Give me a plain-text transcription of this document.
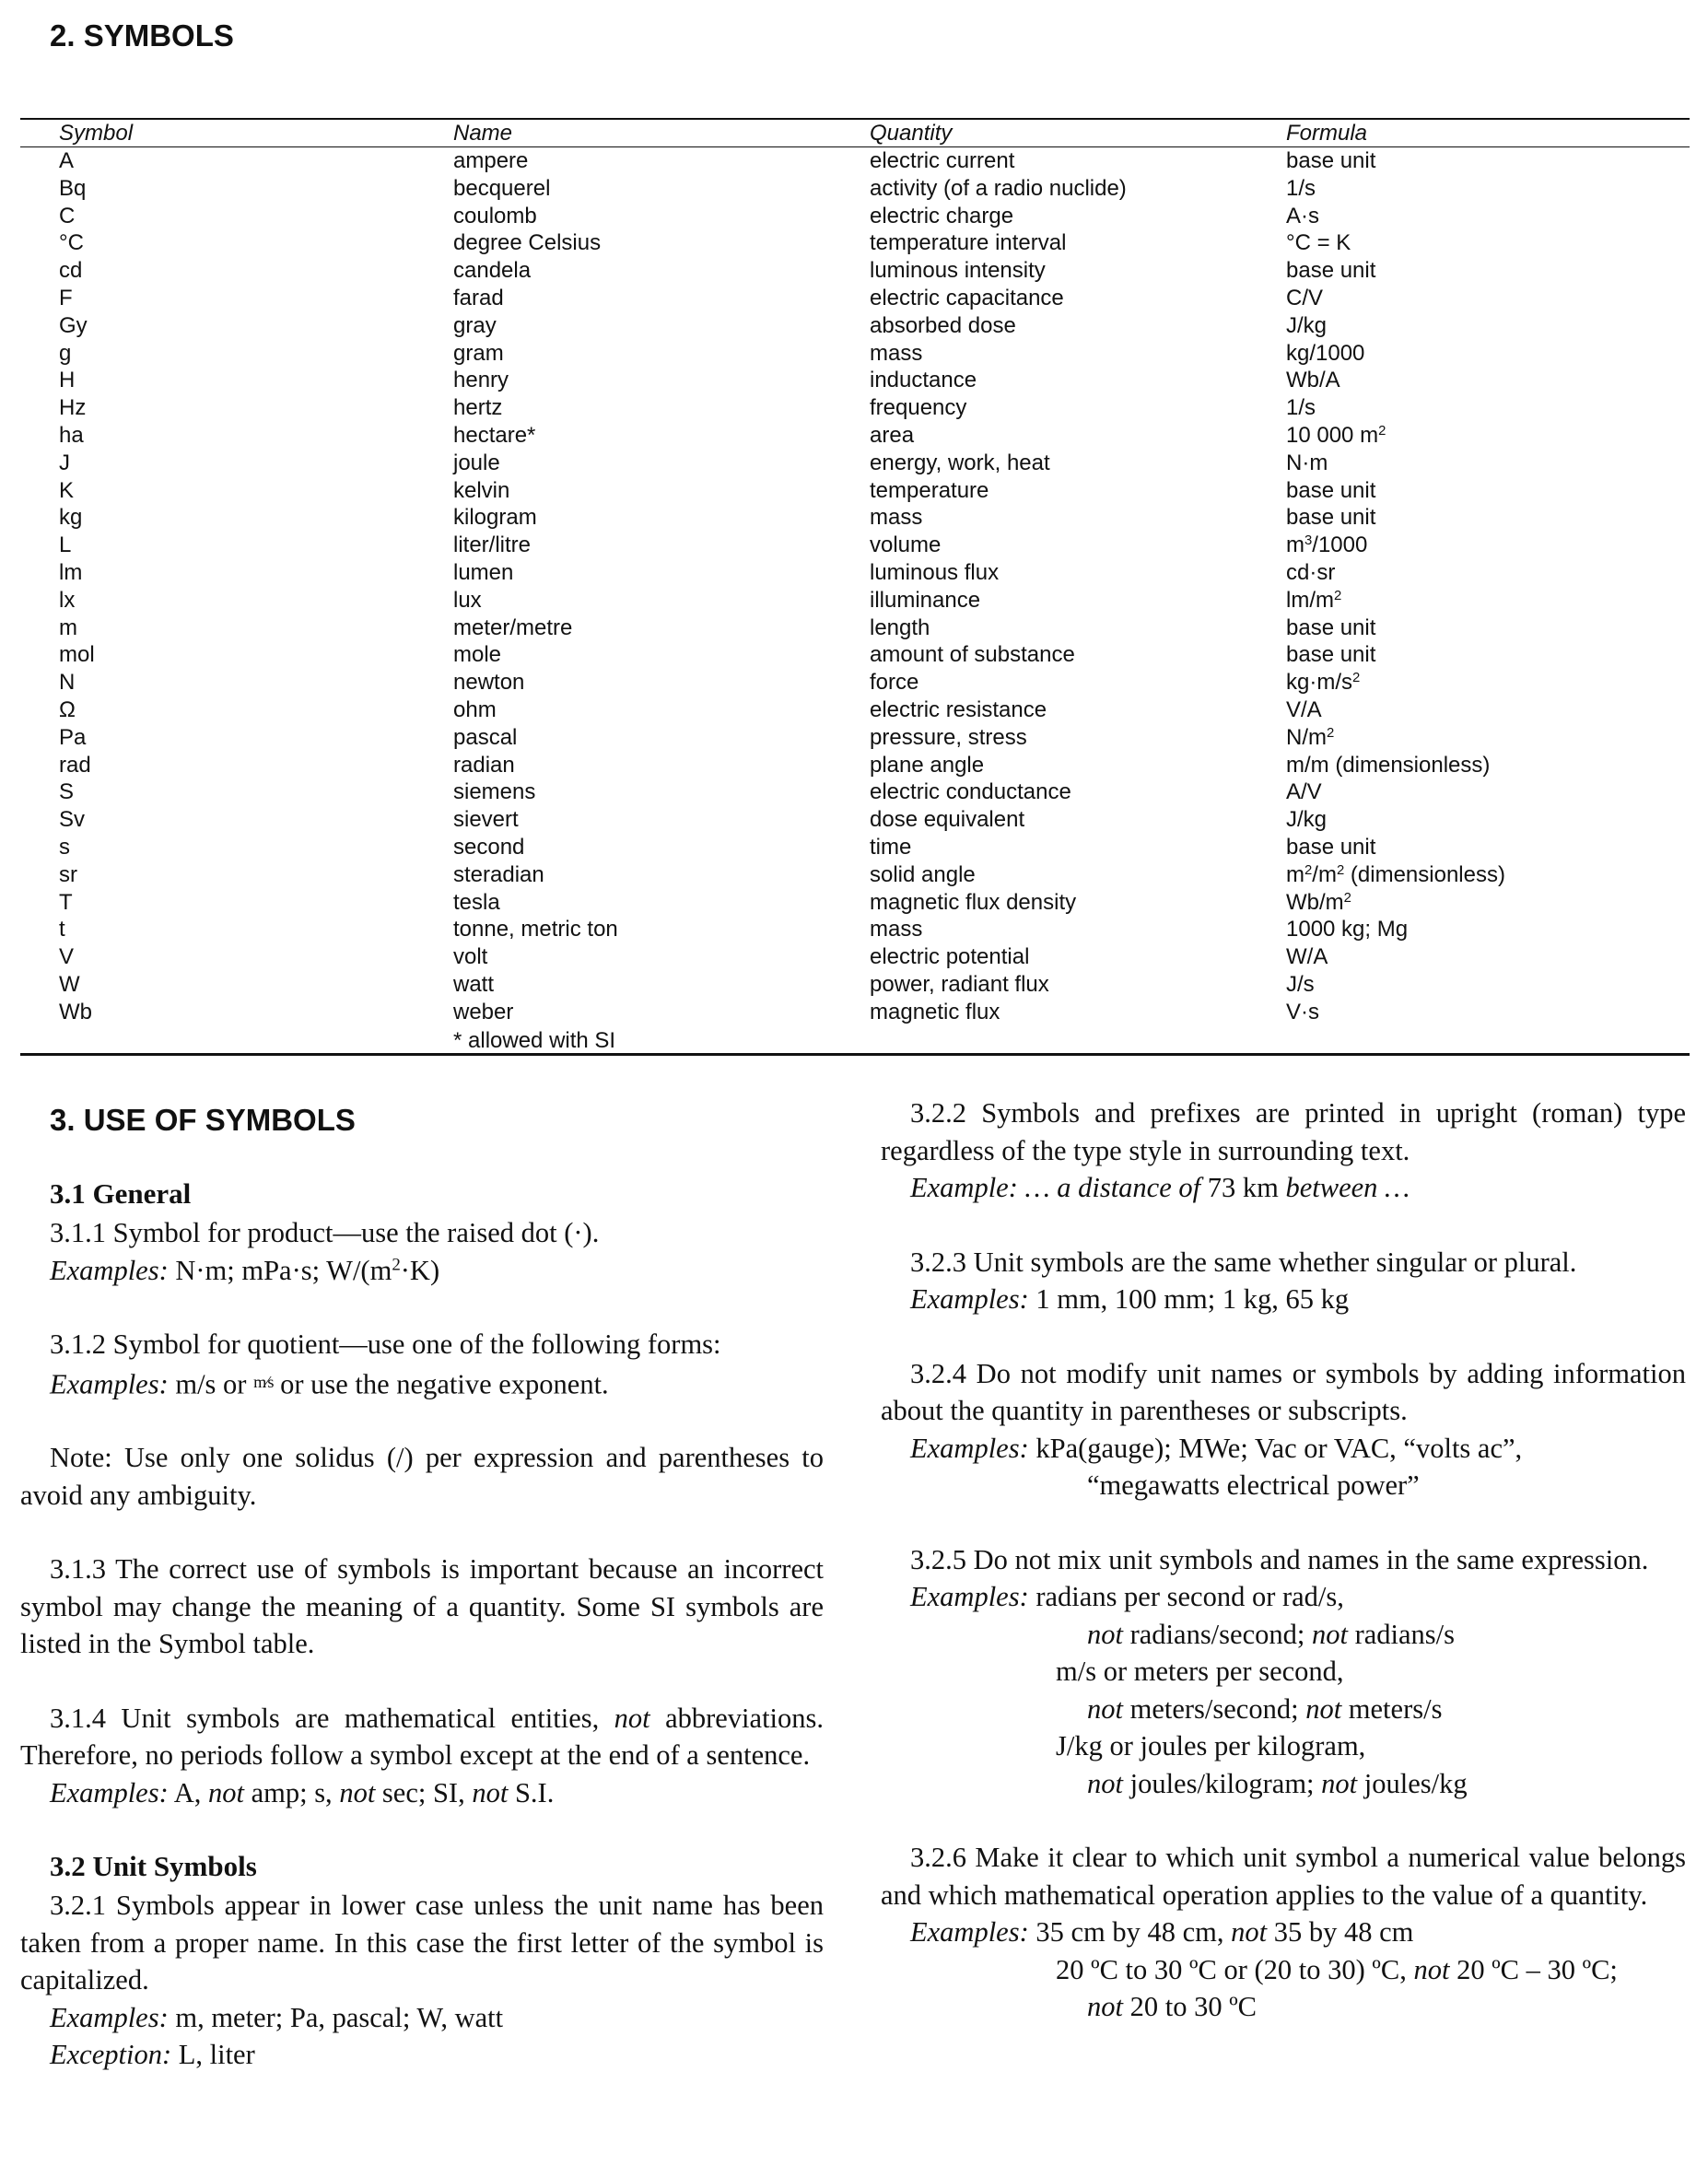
2. SYMBOLS
Symbol	Name	Quantity	Formula
A	ampere	electric current	base unit
Bq	becquerel	activity (of a radio nuclide)	1/s
C	coulomb	electric charge	A·s
°C	degree Celsius	temperature interval	°C = K
cd	candela	luminous intensity	base unit
F	farad	electric capacitance	C/V
Gy	gray	absorbed dose	J/kg
g	gram	mass	kg/1000
H	henry	inductance	Wb/A
Hz	hertz	frequency	1/s
ha	hectare*	area	10 000 $m^2$
J	joule	energy, work, heat	N·m
K	kelvin	temperature	base unit
kg	kilogram	mass	base unit
L	liter/litre	volume	$m^3/1000$
lm	lumen	luminous flux	cd·sr
lx	lux	illuminance	$lm/m^2$
m	meter/metre	length	base unit
mol	mole	amount of substance	base unit
N	newton	force	$kg\cdot m/s^2$
Ω	ohm	electric resistance	V/A
Pa	pascal	pressure, stress	$N/m^2$
rad	radian	plane angle	m/m (dimensionless)
S	siemens	electric conductance	A/V
Sv	sievert	dose equivalent	J/kg
s	second	time	base unit
sr	steradian	solid angle	$m^2/m^2$ (dimensionless)
T	tesla	magnetic flux density	$Wb/m^2$
t	tonne, metric ton	mass	1000 kg; Mg
V	volt	electric potential	W/A
W	watt	power, radiant flux	J/s
Wb	weber	magnetic flux	V·s
	* allowed with SI		
3. USE OF SYMBOLS
3.1 General

3.1.1 Symbol for product—use the raised dot (·).

Examples: N·m; mPa·s; $W/(m^2\cdot K)$

3.1.2 Symbol for quotient—use one of the following forms:

Examples: m/s or $^{m⁄s}$ or use the negative exponent.

Note: Use only one solidus (/) per expression and parentheses to avoid any ambiguity.

3.1.3 The correct use of symbols is important because an incorrect symbol may change the meaning of a quantity. Some SI symbols are listed in the Symbol table.

3.1.4 Unit symbols are mathematical entities, not abbreviations. Therefore, no periods follow a symbol except at the end of a sentence.

Examples: A, not amp; s, not sec; SI, not S.I.

3.2 Unit Symbols

3.2.1 Symbols appear in lower case unless the unit name has been taken from a proper name. In this case the first letter of the symbol is capitalized.

Examples: m, meter; Pa, pascal; W, watt

Exception: L, liter

3.2.2 Symbols and prefixes are printed in upright (roman) type regardless of the type style in surrounding text.

Example: … a distance of 73 km between …

3.2.3 Unit symbols are the same whether singular or plural.

Examples: 1 mm, 100 mm; 1 kg, 65 kg

3.2.4 Do not modify unit names or symbols by adding information about the quantity in parentheses or subscripts.

Examples: kPa(gauge); MWe; Vac or VAC, “volts ac”,

“megawatts electrical power”

3.2.5 Do not mix unit symbols and names in the same expression.

Examples: radians per second or rad/s,

not radians/second; not radians/s

m/s or meters per second,

not meters/second; not meters/s

J/kg or joules per kilogram,

not joules/kilogram; not joules/kg

3.2.6 Make it clear to which unit symbol a numerical value belongs and which mathematical operation applies to the value of a quantity.

Examples: 35 cm by 48 cm, not 35 by 48 cm

20 ºC to 30 ºC or (20 to 30) ºC, not 20 ºC – 30 ºC;

not 20 to 30 ºC
